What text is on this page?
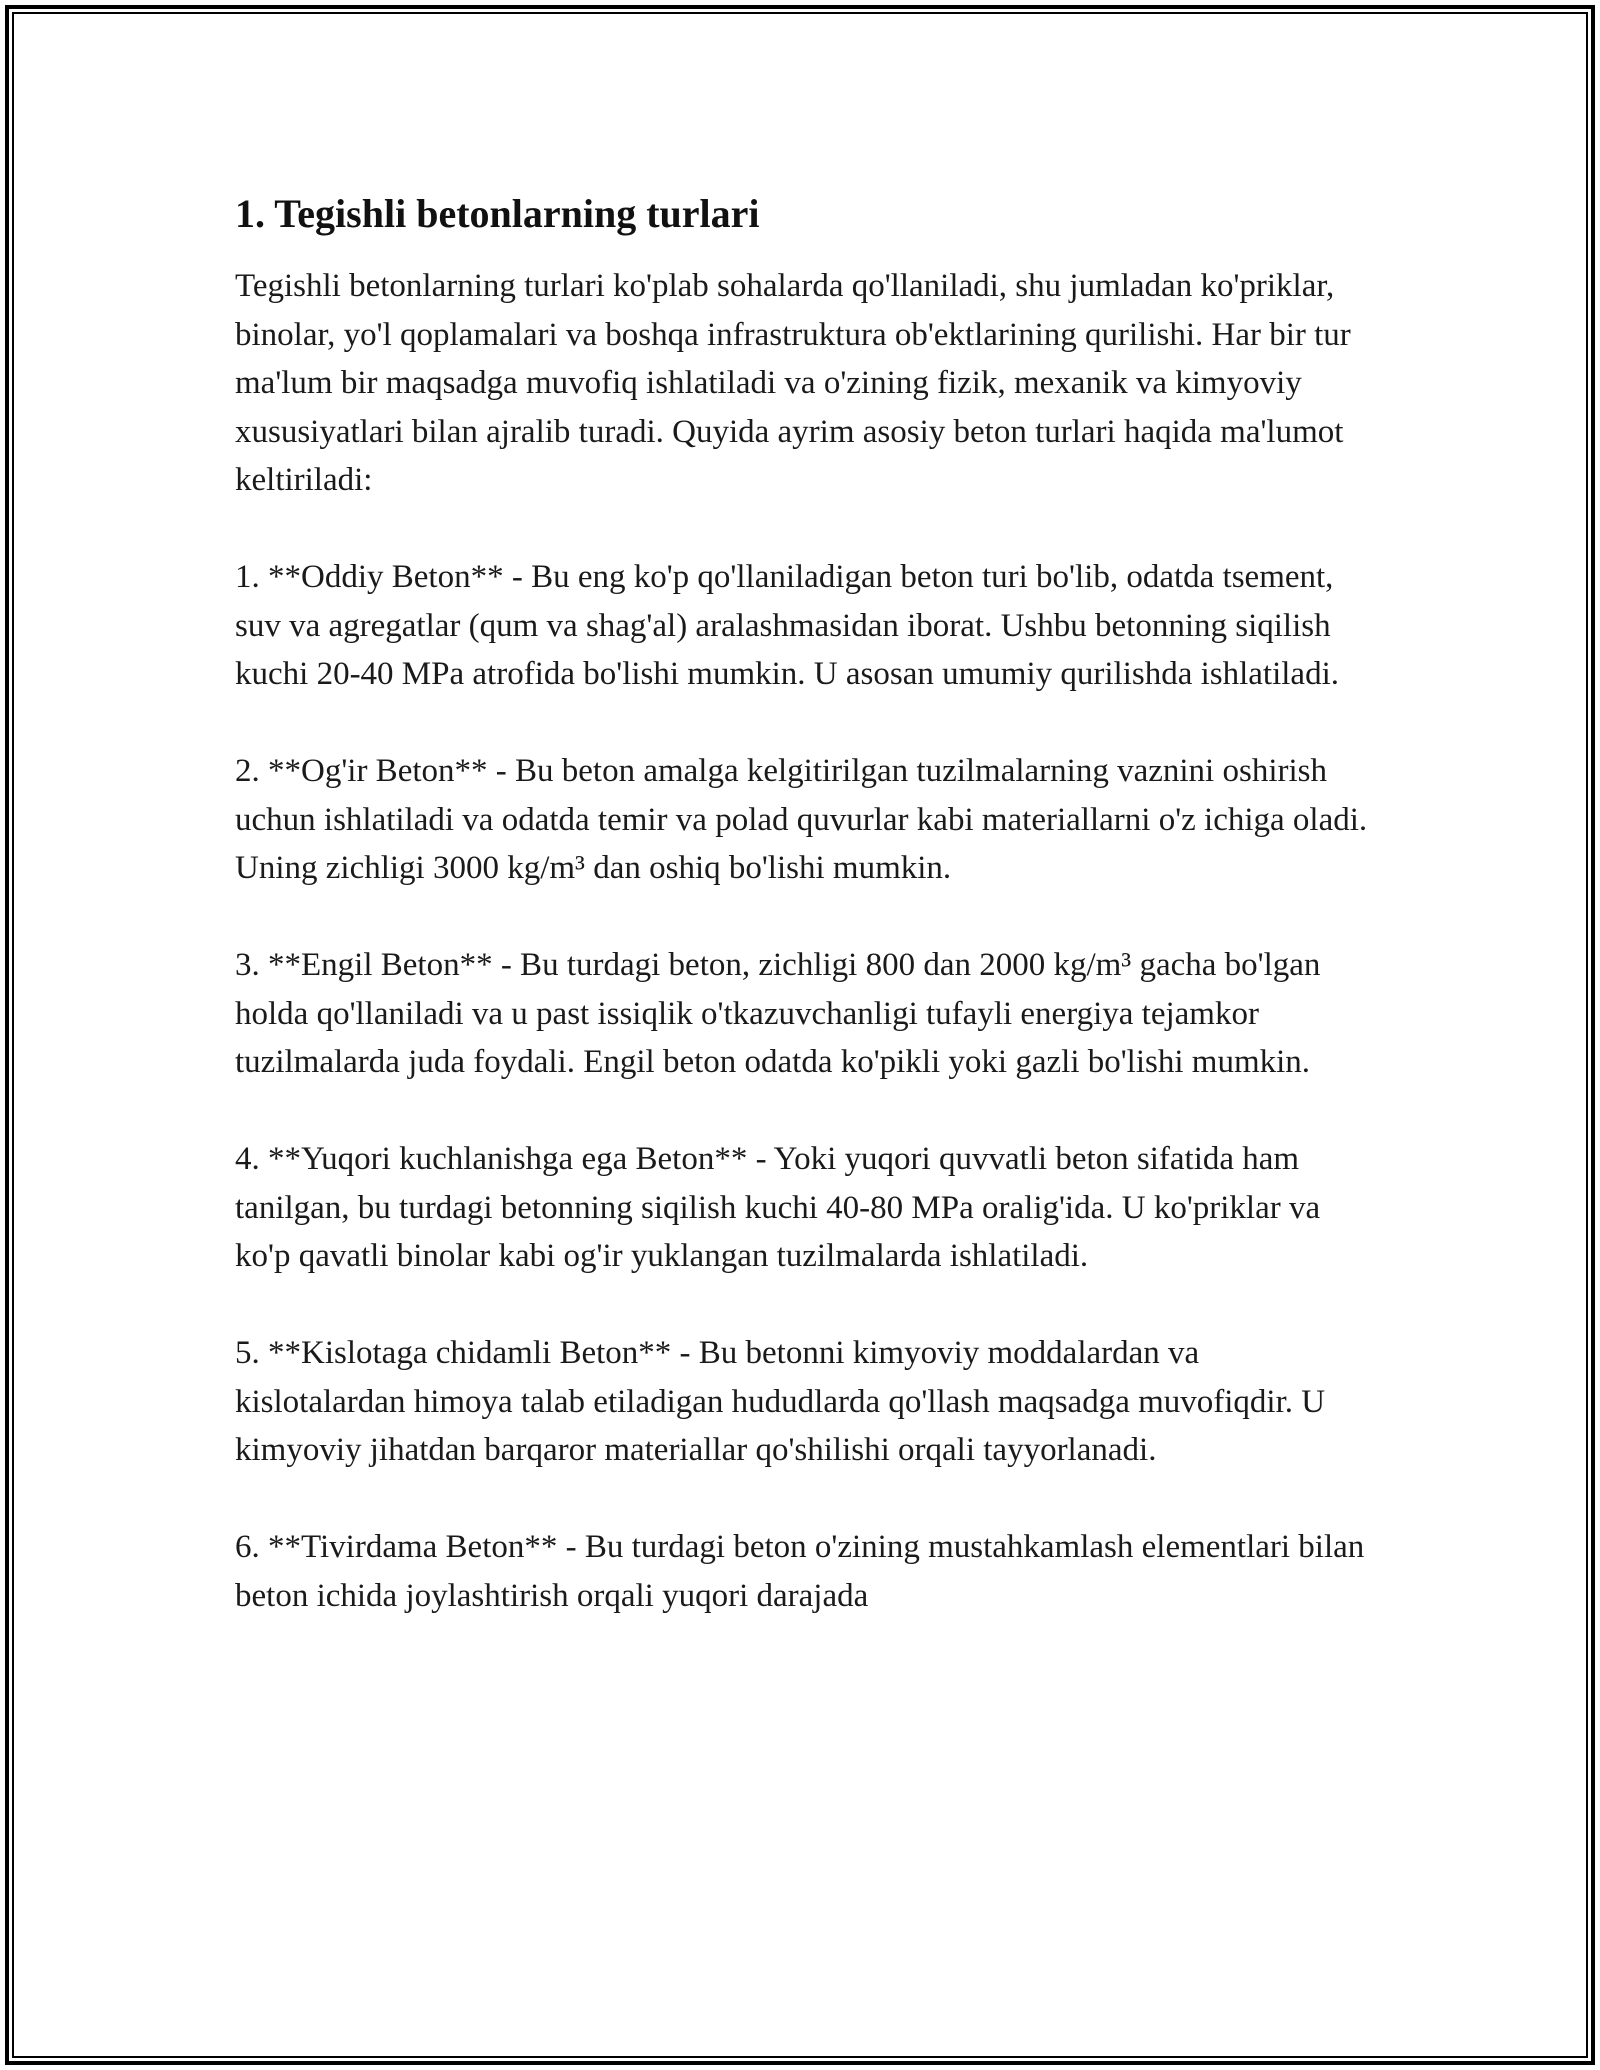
1. Tegishli betonlarning turlari

Tegishli betonlarning turlari ko'plab sohalarda qo'llaniladi, shu jumladan ko'priklar, binolar, yo'l qoplamalari va boshqa infrastruktura ob'ektlarining qurilishi. Har bir tur ma'lum bir maqsadga muvofiq ishlatiladi va o'zining fizik, mexanik va kimyoviy xususiyatlari bilan ajralib turadi. Quyida ayrim asosiy beton turlari haqida ma'lumot keltiriladi:

1. **Oddiy Beton** - Bu eng ko'p qo'llaniladigan beton turi bo'lib, odatda tsement, suv va agregatlar (qum va shag'al) aralashmasidan iborat. Ushbu betonning siqilish kuchi 20-40 MPa atrofida bo'lishi mumkin. U asosan umumiy qurilishda ishlatiladi.

2. **Og'ir Beton** - Bu beton amalga kelgitirilgan tuzilmalarning vaznini oshirish uchun ishlatiladi va odatda temir va polad quvurlar kabi materiallarni o'z ichiga oladi. Uning zichligi 3000 kg/m³ dan oshiq bo'lishi mumkin.

3. **Engil Beton** - Bu turdagi beton, zichligi 800 dan 2000 kg/m³ gacha bo'lgan holda qo'llaniladi va u past issiqlik o'tkazuvchanligi tufayli energiya tejamkor tuzilmalarda juda foydali. Engil beton odatda ko'pikli yoki gazli bo'lishi mumkin.

4. **Yuqori kuchlanishga ega Beton** - Yoki yuqori quvvatli beton sifatida ham tanilgan, bu turdagi betonning siqilish kuchi 40-80 MPa oralig'ida. U ko'priklar va ko'p qavatli binolar kabi og'ir yuklangan tuzilmalarda ishlatiladi.

5. **Kislotaga chidamli Beton** - Bu betonni kimyoviy moddalardan va kislotalardan himoya talab etiladigan hududlarda qo'llash maqsadga muvofiqdir. U kimyoviy jihatdan barqaror materiallar qo'shilishi orqali tayyorlanadi.

6. **Tivirdama Beton** - Bu turdagi beton o'zining mustahkamlash elementlari bilan beton ichida joylashtirish orqali yuqori darajada
